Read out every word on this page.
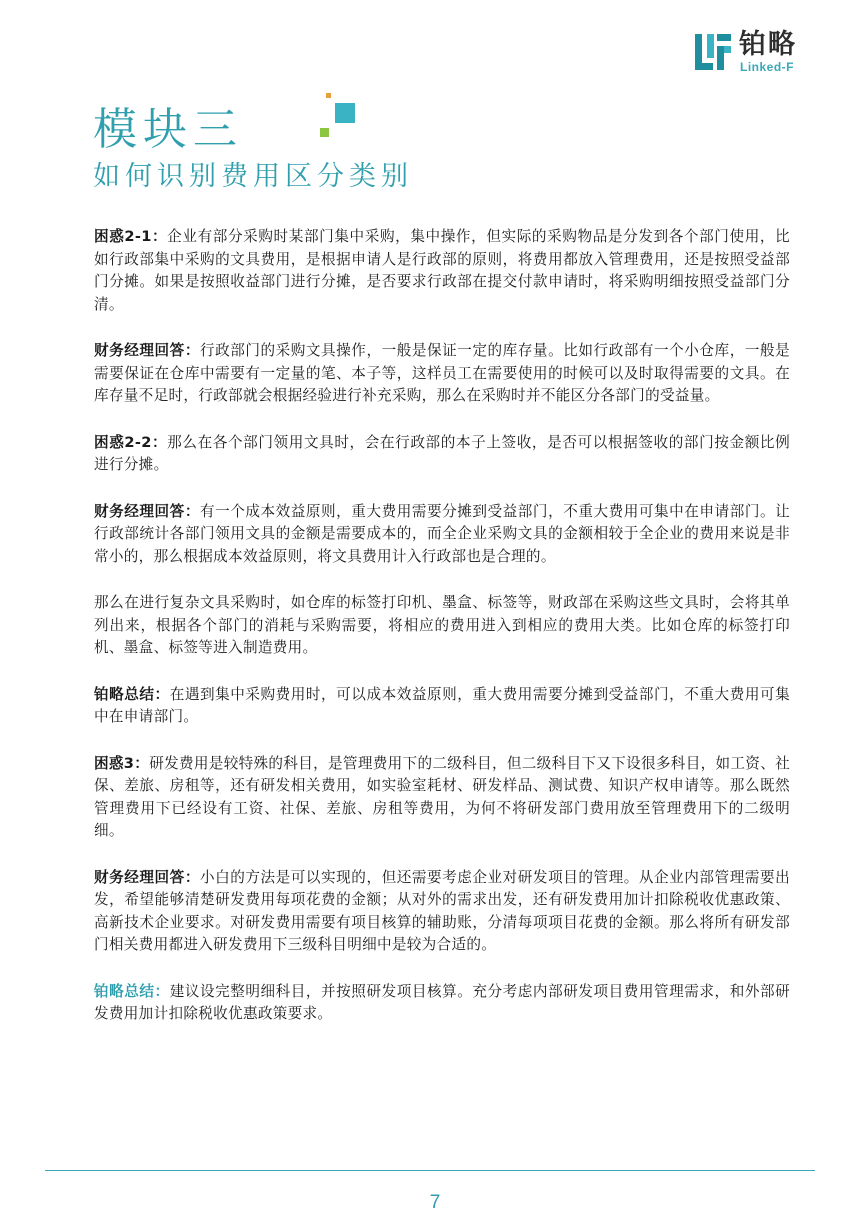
铂略
Linked-F
模块三
如何识别费用区分类别

困惑2-1：企业有部分采购时某部门集中采购，集中操作，但实际的采购物品是分发到各个部门使用，比如行政部集中采购的文具费用，是根据申请人是行政部的原则，将费用都放入管理费用，还是按照受益部门分摊。如果是按照收益部门进行分摊，是否要求行政部在提交付款申请时，将采购明细按照受益部门分清。

财务经理回答：行政部门的采购文具操作，一般是保证一定的库存量。比如行政部有一个小仓库，一般是需要保证在仓库中需要有一定量的笔、本子等，这样员工在需要使用的时候可以及时取得需要的文具。在库存量不足时，行政部就会根据经验进行补充采购，那么在采购时并不能区分各部门的受益量。

困惑2-2：那么在各个部门领用文具时，会在行政部的本子上签收，是否可以根据签收的部门按金额比例进行分摊。

财务经理回答：有一个成本效益原则，重大费用需要分摊到受益部门，不重大费用可集中在申请部门。让行政部统计各部门领用文具的金额是需要成本的，而全企业采购文具的金额相较于全企业的费用来说是非常小的，那么根据成本效益原则，将文具费用计入行政部也是合理的。

那么在进行复杂文具采购时，如仓库的标签打印机、墨盒、标签等，财政部在采购这些文具时，会将其单列出来，根据各个部门的消耗与采购需要，将相应的费用进入到相应的费用大类。比如仓库的标签打印机、墨盒、标签等进入制造费用。

铂略总结：在遇到集中采购费用时，可以成本效益原则，重大费用需要分摊到受益部门，不重大费用可集中在申请部门。

困惑3：研发费用是较特殊的科目，是管理费用下的二级科目，但二级科目下又下设很多科目，如工资、社保、差旅、房租等，还有研发相关费用，如实验室耗材、研发样品、测试费、知识产权申请等。那么既然管理费用下已经设有工资、社保、差旅、房租等费用，为何不将研发部门费用放至管理费用下的二级明细。

财务经理回答：小白的方法是可以实现的，但还需要考虑企业对研发项目的管理。从企业内部管理需要出发，希望能够清楚研发费用每项花费的金额；从对外的需求出发，还有研发费用加计扣除税收优惠政策、高新技术企业要求。对研发费用需要有项目核算的辅助账，分清每项项目花费的金额。那么将所有研发部门相关费用都进入研发费用下三级科目明细中是较为合适的。

铂略总结：建议设完整明细科目，并按照研发项目核算。充分考虑内部研发项目费用管理需求，和外部研发费用加计扣除税收优惠政策要求。

7
